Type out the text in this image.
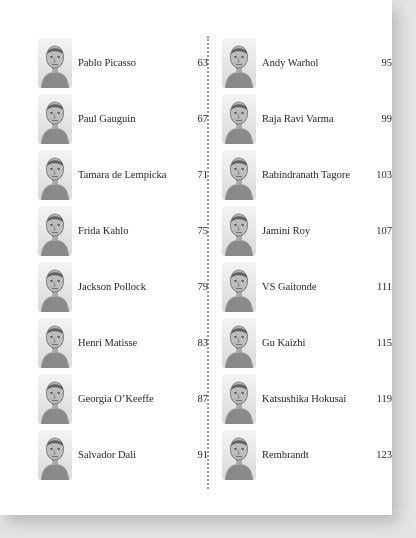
Pablo Picasso	63
Paul Gauguin	67
Tamara de Lempicka	71
Frida Kahlo	75
Jackson Pollock	79
Henri Matisse	83
Georgia O’Keeffe	87
Salvador Dali	91
Andy Warhol	95
Raja Ravi Varma	99
Rabindranath Tagore	103
Jamini Roy	107
VS Gaitonde	111
Gu Kaizhi	115
Katsushika Hokusai	119
Rembrandt	123
